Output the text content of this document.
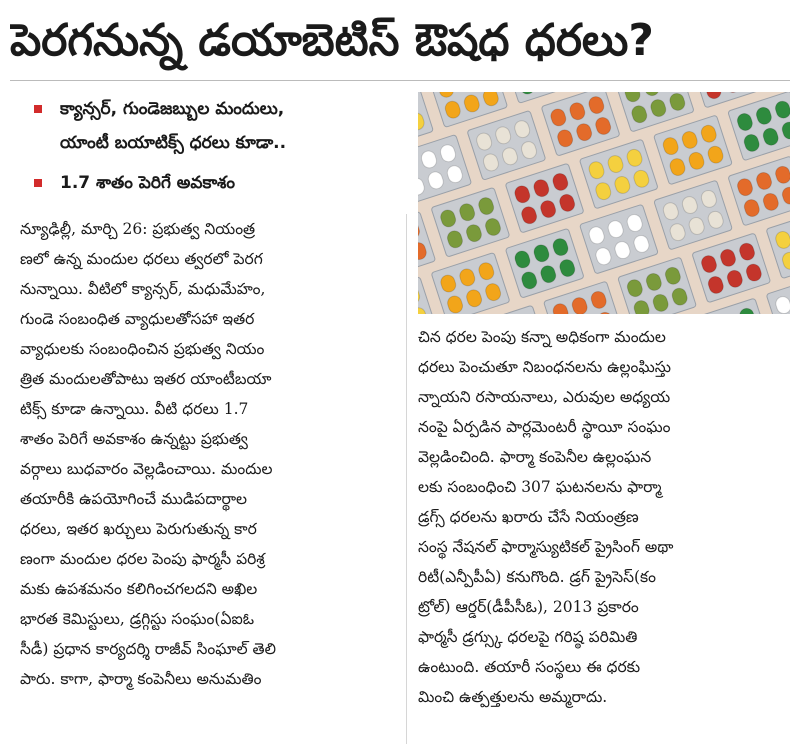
పెరగనున్న డయాబెటిస్ ఔషధ ధరలు?
క్యాన్సర్, గుండెజబ్బుల మందులు,
యాంటీ బయాటిక్స్ ధరలు కూడా..
1.7 శాతం పెరిగే అవకాశం
న్యూఢిల్లీ, మార్చి 26: ప్రభుత్వ నియంత్ర
ణలో ఉన్న మందుల ధరలు త్వరలో పెరగ
నున్నాయి. వీటిలో క్యాన్సర్, మధుమేహం,
గుండె సంబంధిత వ్యాధులతోసహా ఇతర
వ్యాధులకు సంబంధించిన ప్రభుత్వ నియం
త్రిత మందులతోపాటు ఇతర యాంటీబయా
టిక్స్ కూడా ఉన్నాయి. వీటి ధరలు 1.7
శాతం పెరిగే అవకాశం ఉన్నట్టు ప్రభుత్వ
వర్గాలు బుధవారం వెల్లడించాయి. మందుల
తయారీకి ఉపయోగించే ముడిపదార్థాల
ధరలు, ఇతర ఖర్చులు పెరుగుతున్న కార
ణంగా మందుల ధరల పెంపు ఫార్మసీ పరిశ్ర
మకు ఉపశమనం కలిగించగలదని అఖిల
భారత కెమిస్టులు, డ్రగ్గిస్టు సంఘం(ఏఐఓ
సీడీ) ప్రధాన కార్యదర్శి రాజీవ్ సింఘాల్ తెలి
పారు. కాగా, ఫార్మా కంపెనీలు అనుమతిం
చిన ధరల పెంపు కన్నా అధికంగా మందుల
ధరలు పెంచుతూ నిబంధనలను ఉల్లంఘిస్తు
న్నాయని రసాయనాలు, ఎరువుల అధ్యయ
నంపై ఏర్పడిన పార్లమెంటరీ స్థాయీ సంఘం
వెల్లడించింది. ఫార్మా కంపెనీల ఉల్లంఘన
లకు సంబంధించి 307 ఘటనలను ఫార్మా
డ్రగ్స్ ధరలను ఖరారు చేసే నియంత్రణ
సంస్థ నేషనల్ ఫార్మాస్యుటికల్ ప్రైసింగ్ అథా
రిటీ(ఎన్పీపీఏ) కనుగొంది. డ్రగ్ ప్రైసెస్(కం
ట్రోల్) ఆర్డర్(డీపీసీఓ), 2013 ప్రకారం
ఫార్మసీ డ్రగ్స్కు ధరలపై గరిష్ఠ పరిమితి
ఉంటుంది. తయారీ సంస్థలు ఈ ధరకు
మించి ఉత్పత్తులను అమ్మరాదు.
